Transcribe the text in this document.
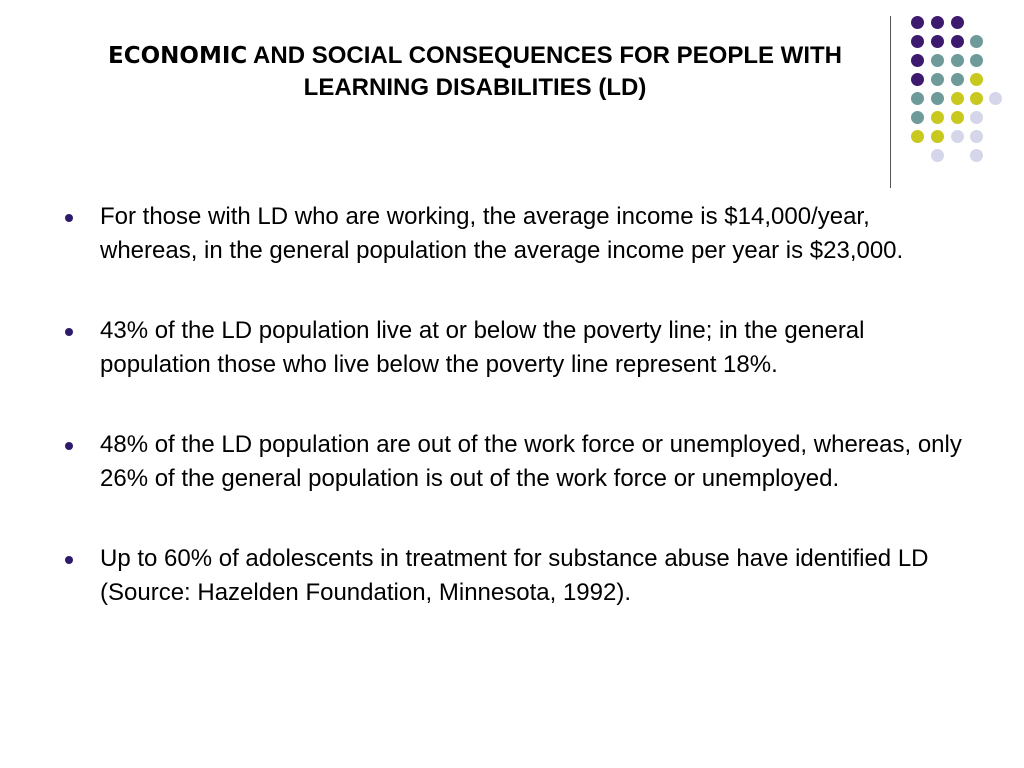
ECONOMIC AND SOCIAL CONSEQUENCES FOR PEOPLE WITH LEARNING DISABILITIES (LD)
For those with LD who are working, the average income is $14,000/year, whereas, in the general population the average income per year is $23,000.
43% of the LD population live at or below the poverty line; in the general population those who live below the poverty line represent 18%.
48% of the LD population are out of the work force or unemployed, whereas, only 26% of the general population is out of the work force or unemployed.
Up to 60% of adolescents in treatment for substance abuse have identified LD (Source: Hazelden Foundation, Minnesota, 1992).
